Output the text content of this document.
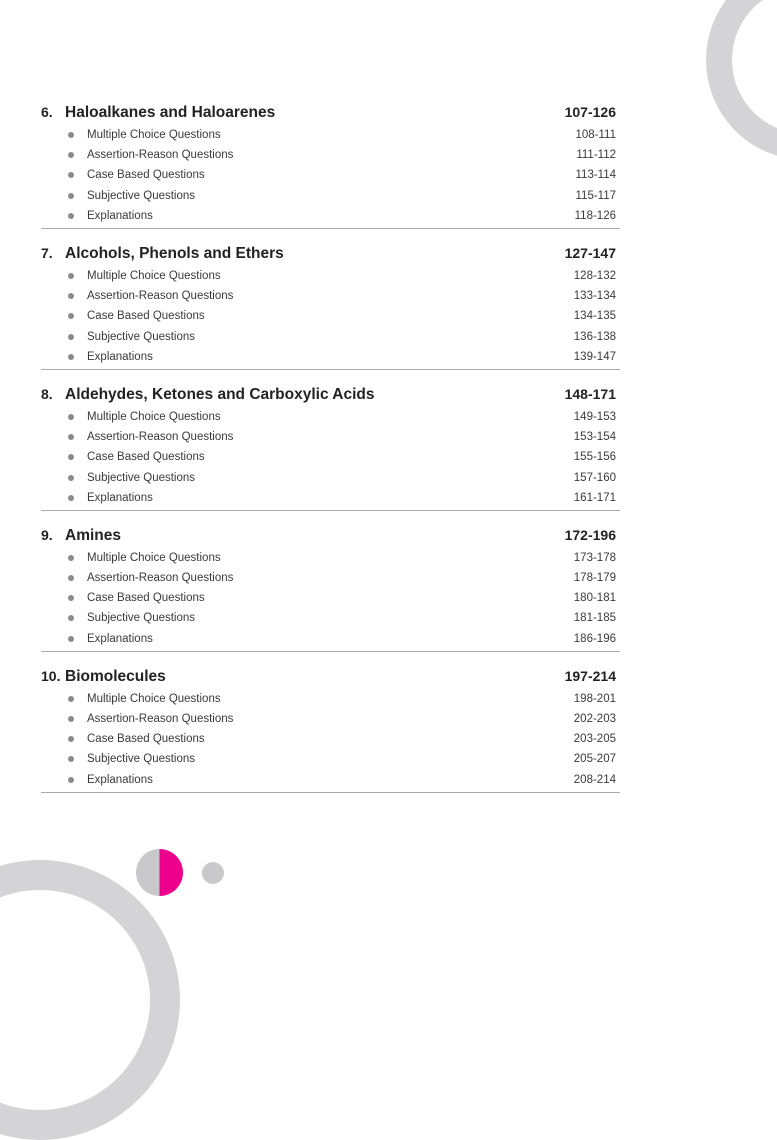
6. Haloalkanes and Haloarenes	107-126
Multiple Choice Questions	108-111
Assertion-Reason Questions	111-112
Case Based Questions	113-114
Subjective Questions	115-117
Explanations	118-126
7. Alcohols, Phenols and Ethers	127-147
Multiple Choice Questions	128-132
Assertion-Reason Questions	133-134
Case Based Questions	134-135
Subjective Questions	136-138
Explanations	139-147
8. Aldehydes, Ketones and Carboxylic Acids	148-171
Multiple Choice Questions	149-153
Assertion-Reason Questions	153-154
Case Based Questions	155-156
Subjective Questions	157-160
Explanations	161-171
9. Amines	172-196
Multiple Choice Questions	173-178
Assertion-Reason Questions	178-179
Case Based Questions	180-181
Subjective Questions	181-185
Explanations	186-196
10. Biomolecules	197-214
Multiple Choice Questions	198-201
Assertion-Reason Questions	202-203
Case Based Questions	203-205
Subjective Questions	205-207
Explanations	208-214
